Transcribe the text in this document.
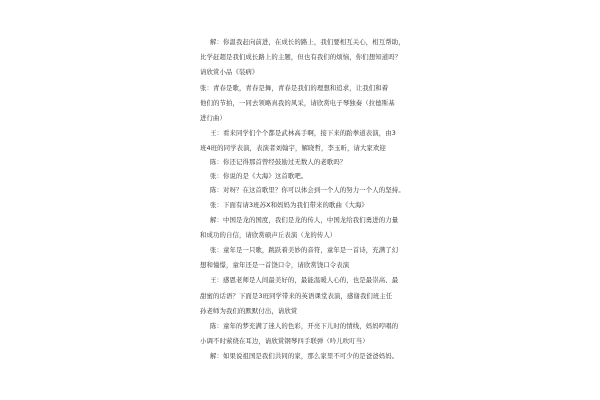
解：你温我赶向前进，在成长的路上，我们要相互关心，相互帮助，
比学赶超是我们成长路上的主题，但也有我们的烦恼，你们想知道吗？
请欣赏小品《装病》
张：青春是歌，青春是舞，青春是我们的理想和追求，让我们和着
他们的节拍，一同去领略真我的风采，请欣赏电子琴独奏（拉德斯基
进行曲）
王：看来同学们个个都是武林高手啊，接下来的跆拳道表演，由3
班4班的同学表演，表演者刘翰宇，解晓哲，李玉昕，请大家欢迎
陈：你还记得那首曾经鼓励过无数人的老歌吗？
张：你说的是《大海》这首歌吧。
陈：对呀？在这首歌里？你可以体会到一个人的努力一个人的坚持。
张：下面有请3班苏X和妈妈为我们带来的歌曲《大海》
解：中国是龙的国度，我们是龙的传人，中国龙给我们勇进的力量
和成功的自信，请欣赏硕声丘表演（龙的传人）
张：童年是一只歌，跳跃着美妙的音符，童年是一首诗，充满了幻
想和憧憬，童年还是一首饶口令，请欣赏饶口令表演
王：感恩老师是人间最美好的，最能温暖人心的，也是最崇高、最
甜蜜的话语？下面是3班同学带来的英语课堂表演，感谢我们班主任
孙老师为我们的默默付出，请欣赏
陈：童年的梦充满了迷人的色彩，开亮下儿时的情线，妈妈哼唱的
小调不时萦绕在耳边，请欣赏钢琴四手联弹（吟儿吹叮当）
解：如果说祖国是我们共同的家，那么家里不可少的是爸爸妈妈。
